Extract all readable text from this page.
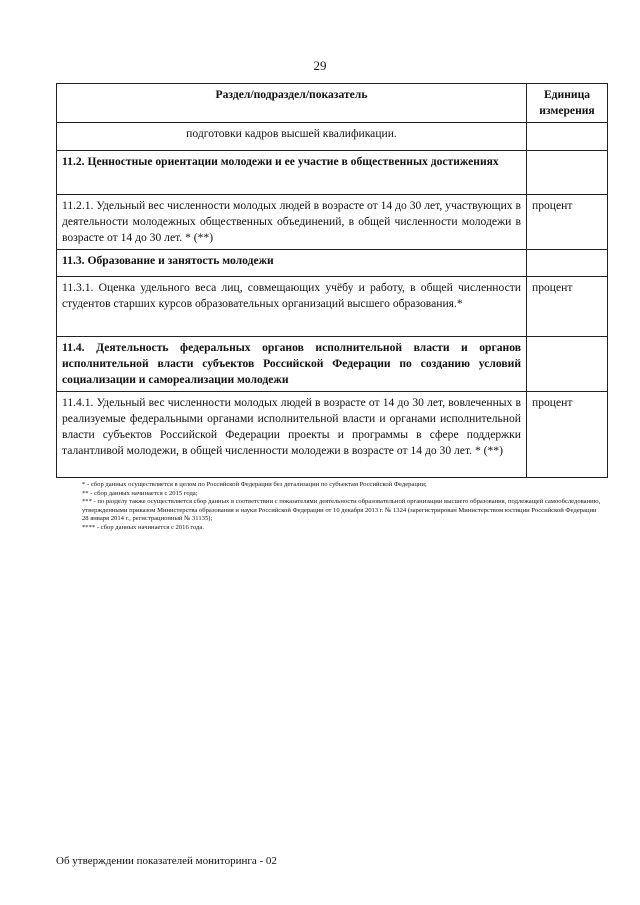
29
Раздел/подраздел/показатель	Единица измерения
подготовки кадров высшей квалификации.	
11.2. Ценностные ориентации молодежи и ее участие в общественных достижениях	
11.2.1. Удельный вес численности молодых людей в возрасте от 14 до 30 лет, участвующих в деятельности молодежных общественных объединений, в общей численности молодежи в возрасте от 14 до 30 лет. * (**)	процент
11.3. Образование и занятость молодежи	
11.3.1. Оценка удельного веса лиц, совмещающих учёбу и работу, в общей численности студентов старших курсов образовательных организаций высшего образования.*	процент
11.4. Деятельность федеральных органов исполнительной власти и органов исполнительной власти субъектов Российской Федерации по созданию условий социализации и самореализации молодежи	
11.4.1. Удельный вес численности молодых людей в возрасте от 14 до 30 лет, вовлеченных в реализуемые федеральными органами исполнительной власти и органами исполнительной власти субъектов Российской Федерации проекты и программы в сфере поддержки талантливой молодежи, в общей численности молодежи в возрасте от 14 до 30 лет. * (**)	процент

* - сбор данных осуществляется в целом по Российской Федерации без детализации по субъектам Российской Федерации;

** - сбор данных начинается с 2015 года;

*** - по разделу также осуществляется сбор данных в соответствии с показателями деятельности образовательной организации высшего образования, подлежащей самообследованию, утвержденными приказом Министерства образования и науки Российской Федерации от 10 декабря 2013 г. № 1324 (зарегистрирован Министерством юстиции Российской Федерации 28 января 2014 г., регистрационный № 31135);

**** - сбор данных начинается с 2016 года.

Об утверждении показателей мониторинга - 02
